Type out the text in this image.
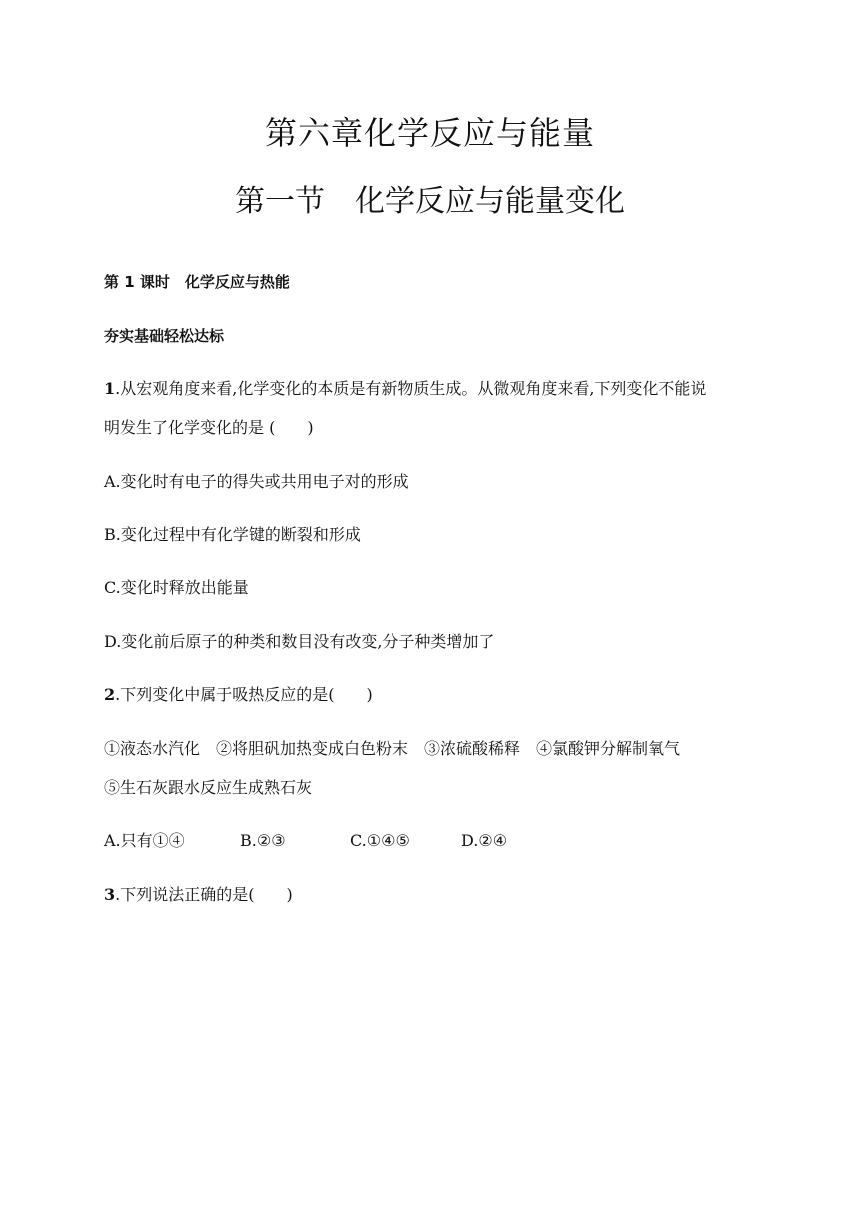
第六章化学反应与能量
第一节　化学反应与能量变化

第 1 课时　化学反应与热能

夯实基础轻松达标

1.从宏观角度来看,化学变化的本质是有新物质生成。从微观角度来看,下列变化不能说

明发生了化学变化的是 (　　)

A.变化时有电子的得失或共用电子对的形成

B.变化过程中有化学键的断裂和形成

C.变化时释放出能量

D.变化前后原子的种类和数目没有改变,分子种类增加了

2.下列变化中属于吸热反应的是(　　)

①液态水汽化　②将胆矾加热变成白色粉末　③浓硫酸稀释　④氯酸钾分解制氧气

⑤生石灰跟水反应生成熟石灰

A.只有①④	B.②③	C.①④⑤	D.②④

3.下列说法正确的是(　　)
